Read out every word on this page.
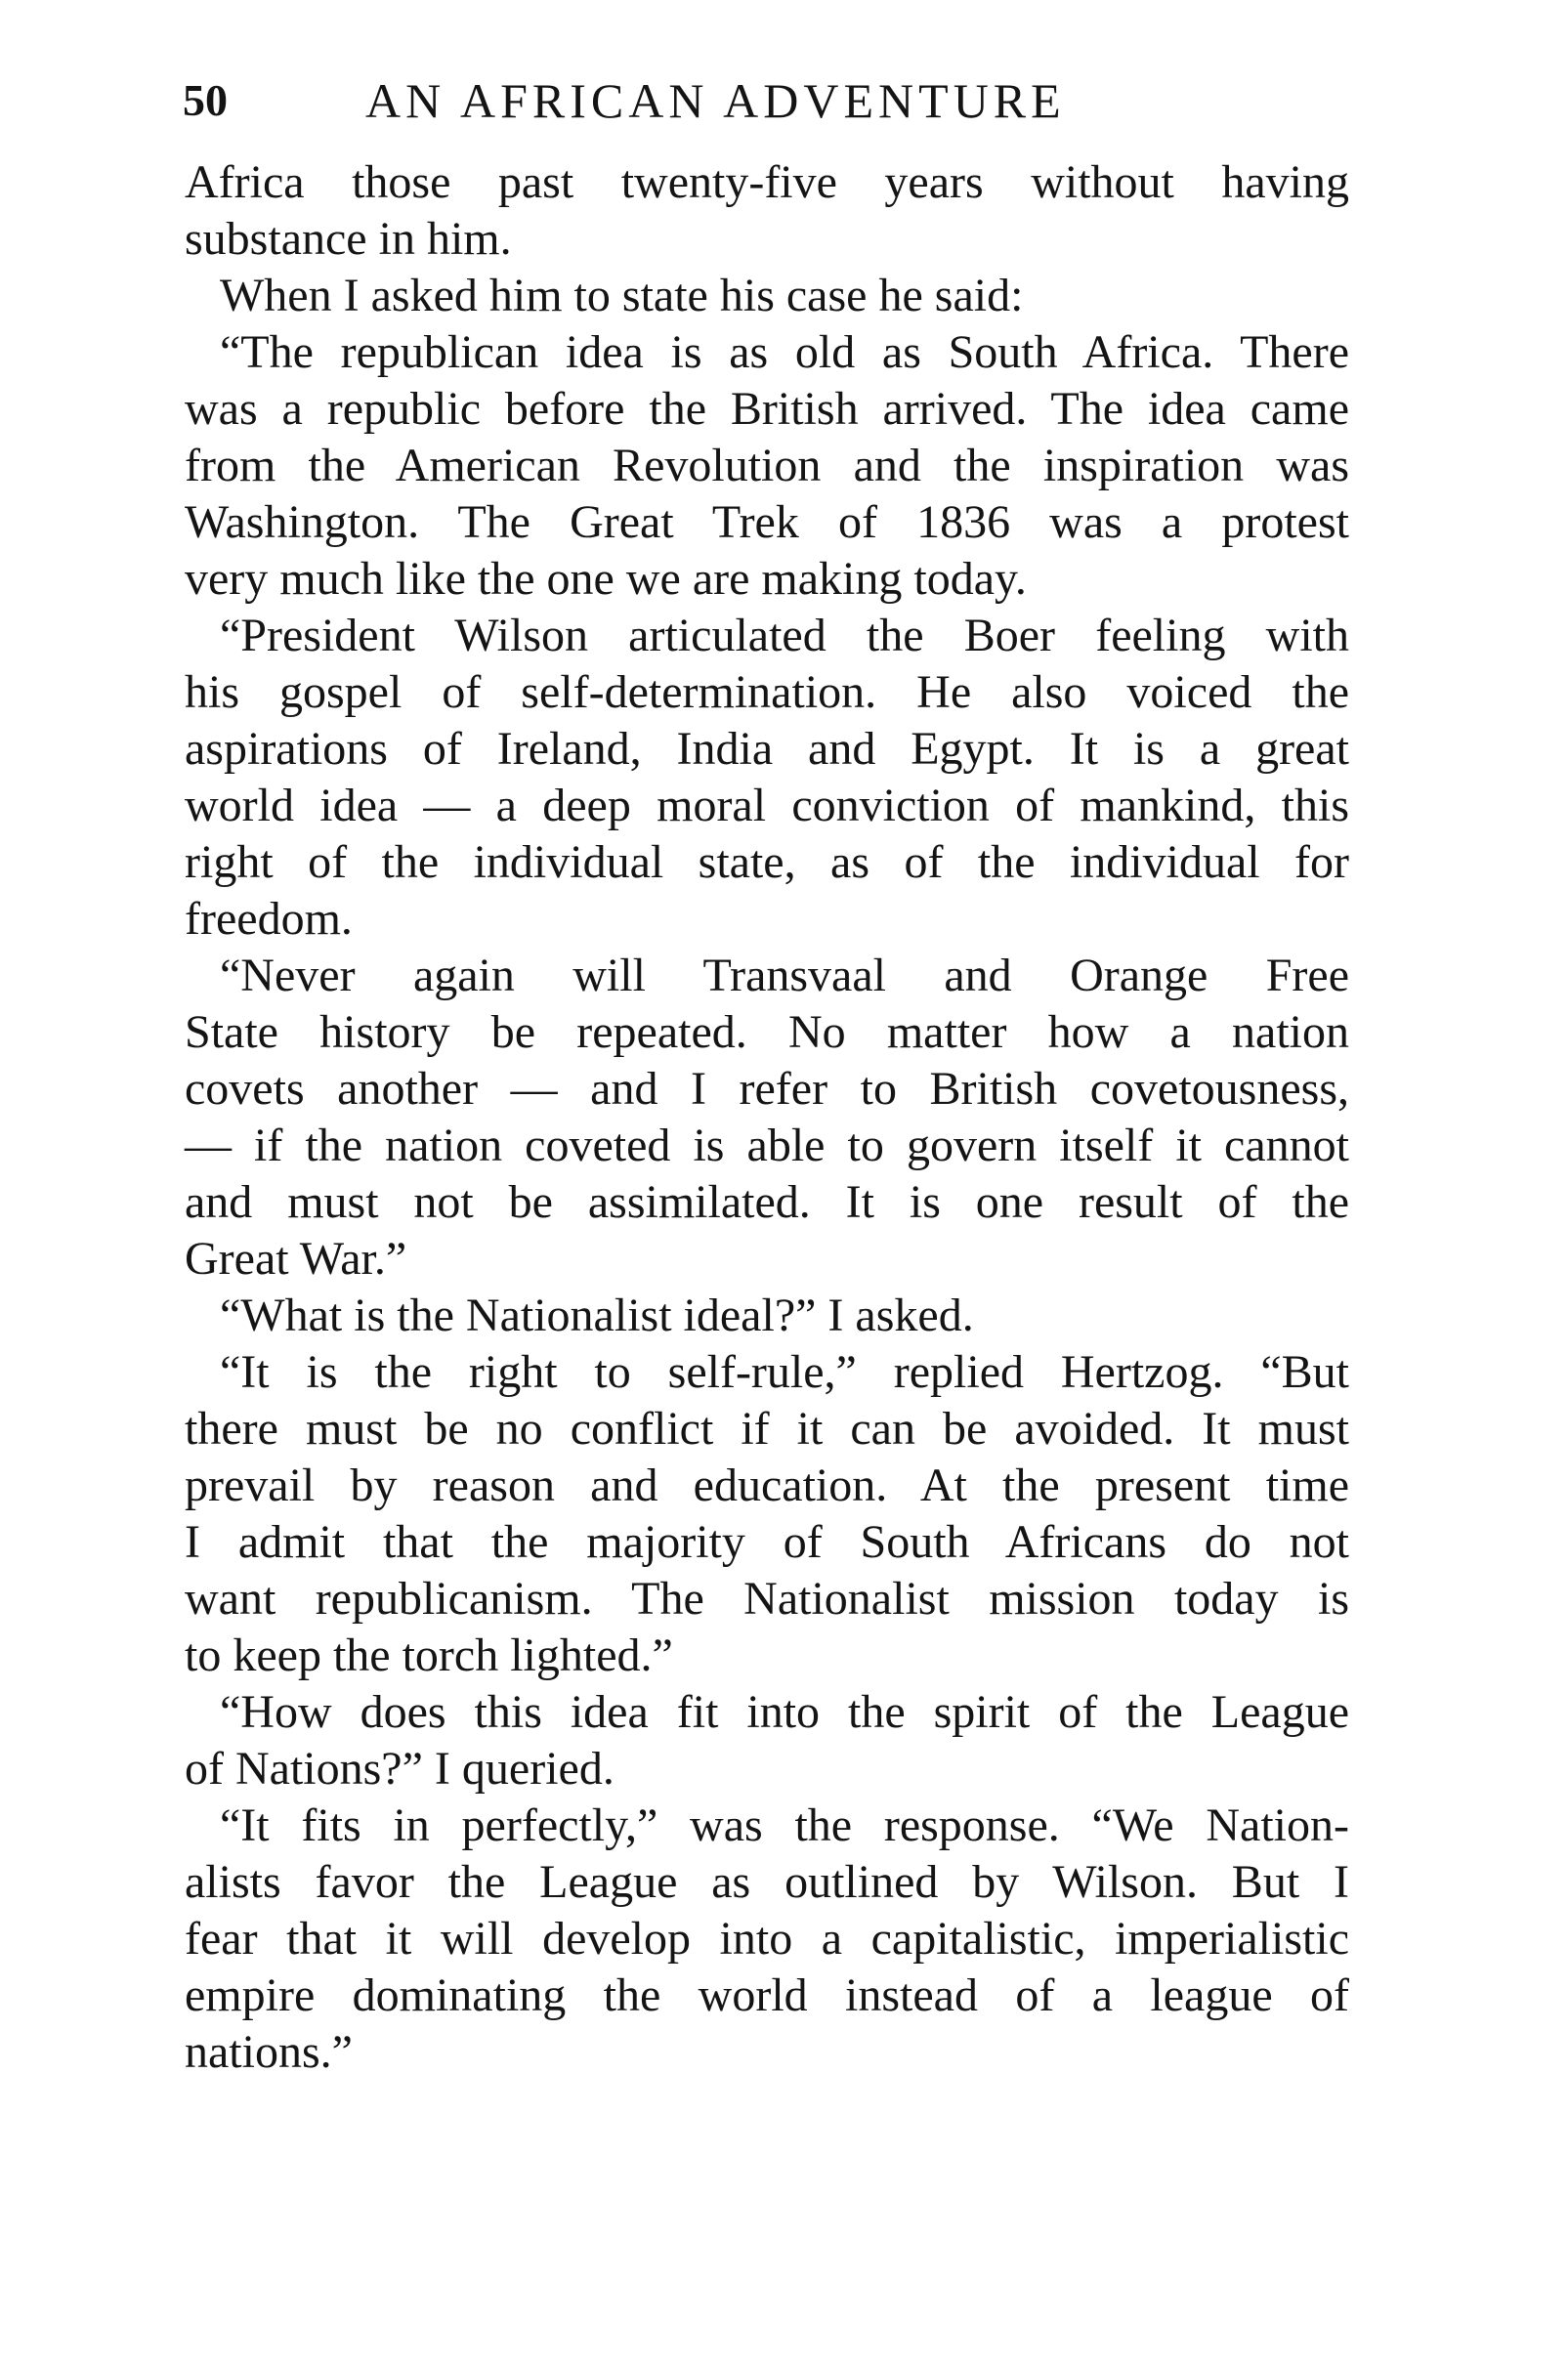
50	AN AFRICAN ADVENTURE
Africa those past twenty-five years without having
substance in him.
When I asked him to state his case he said:
“The republican idea is as old as South Africa. There
was a republic before the British arrived. The idea came
from the American Revolution and the inspiration was
Washington. The Great Trek of 1836 was a protest
very much like the one we are making today.
“President Wilson articulated the Boer feeling with
his gospel of self-determination. He also voiced the
aspirations of Ireland, India and Egypt. It is a great
world idea — a deep moral conviction of mankind, this
right of the individual state, as of the individual for
freedom.
“Never again will Transvaal and Orange Free
State history be repeated. No matter how a nation
covets another — and I refer to British covetousness,
— if the nation coveted is able to govern itself it cannot
and must not be assimilated. It is one result of the
Great War.”
“What is the Nationalist ideal?” I asked.
“It is the right to self-rule,” replied Hertzog. “But
there must be no conflict if it can be avoided. It must
prevail by reason and education. At the present time
I admit that the majority of South Africans do not
want republicanism. The Nationalist mission today is
to keep the torch lighted.”
“How does this idea fit into the spirit of the League
of Nations?” I queried.
“It fits in perfectly,” was the response. “We Nation-
alists favor the League as outlined by Wilson. But I
fear that it will develop into a capitalistic, imperialistic
empire dominating the world instead of a league of
nations.”
